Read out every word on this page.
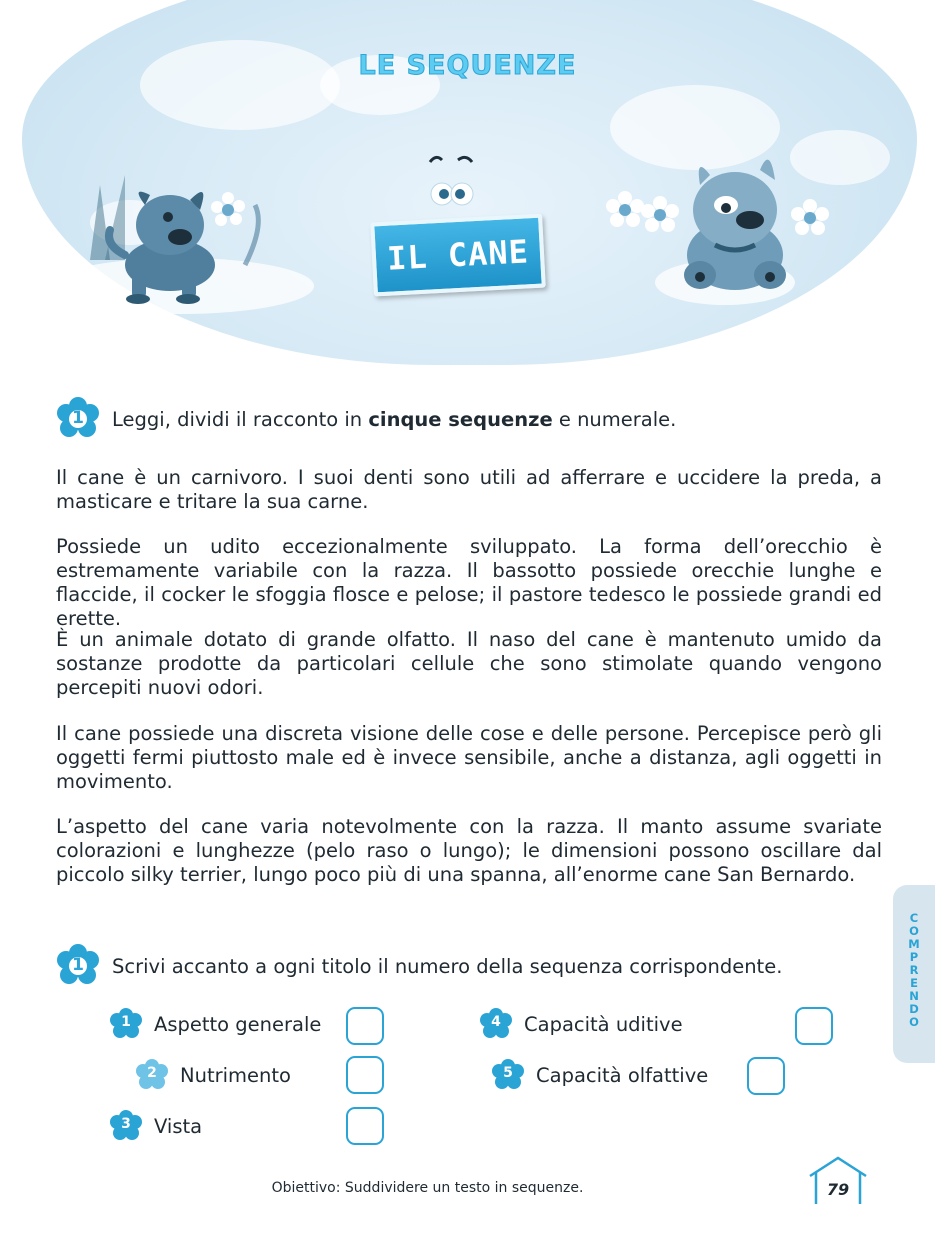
LE SEQUENZE
IL CANE
1	Leggi, dividi il racconto in cinque sequenze e numerale.

Il cane è un carnivoro. I suoi denti sono utili ad afferrare e uccidere la preda, a masticare e tritare la sua carne.

Possiede un udito eccezionalmente sviluppato. La forma dell’orecchio è estremamente variabile con la razza. Il bassotto possiede orecchie lunghe e flaccide, il cocker le sfoggia flosce e pelose; il pastore tedesco le possiede grandi ed erette.

È un animale dotato di grande olfatto. Il naso del cane è mantenuto umido da sostanze prodotte da particolari cellule che sono stimolate quando vengono percepiti nuovi odori.

Il cane possiede una discreta visione delle cose e delle persone. Percepisce però gli oggetti fermi piuttosto male ed è invece sensibile, anche a distanza, agli oggetti in movimento.

L’aspetto del cane varia notevolmente con la razza. Il manto assume svariate colorazioni e lunghezze (pelo raso o lungo); le dimensioni possono oscillare dal piccolo silky terrier, lungo poco più di una spanna, all’enorme cane San Bernardo.

COMPRENDO
1	Scrivi accanto a ogni titolo il numero della sequenza corrispondente.
1	Aspetto generale
2	Nutrimento
3	Vista
4	Capacità uditive
5	Capacità olfattive
Obiettivo: Suddividere un testo in sequenze.	79
